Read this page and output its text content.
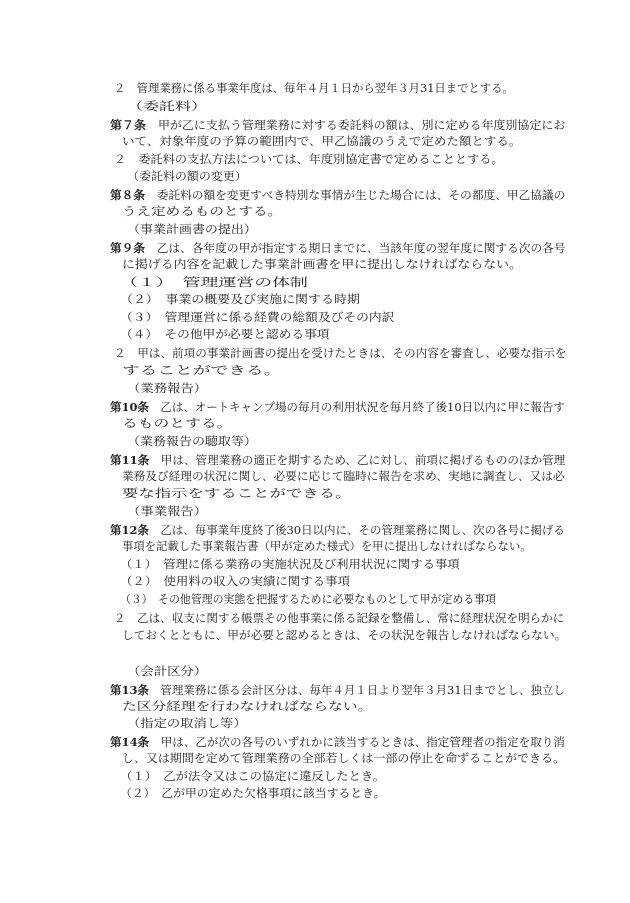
２　管理業務に係る事業年度は、毎年４月１日から翌年３月31日までとする。
（委託料）
第７条　甲が乙に支払う管理業務に対する委託料の額は、別に定める年度別協定にお
いて、対象年度の予算の範囲内で、甲乙協議のうえで定めた額とする。
２　委託料の支払方法については、年度別協定書で定めることとする。
（委託料の額の変更）
第８条　委託料の額を変更すべき特別な事情が生じた場合には、その都度、甲乙協議の
うえ定めるものとする。
（事業計画書の提出）
第９条　乙は、各年度の甲が指定する期日までに、当該年度の翌年度に関する次の各号
に掲げる内容を記載した事業計画書を甲に提出しなければならない。
（１）　管理運営の体制
（２）　事業の概要及び実施に関する時期
（３）　管理運営に係る経費の総額及びその内訳
（４）　その他甲が必要と認める事項
２　甲は、前項の事業計画書の提出を受けたときは、その内容を審査し、必要な指示を
することができる。
（業務報告）
第10条　乙は、オートキャンプ場の毎月の利用状況を毎月終了後10日以内に甲に報告す
るものとする。
（業務報告の聴取等）
第11条　甲は、管理業務の適正を期するため、乙に対し、前項に掲げるもののほか管理
業務及び経理の状況に関し、必要に応じて臨時に報告を求め、実地に調査し、又は必
要な指示をすることができる。
（事業報告）
第12条　乙は、毎事業年度終了後30日以内に、その管理業務に関し、次の各号に掲げる
事項を記載した事業報告書（甲が定めた様式）を甲に提出しなければならない。
（１）　管理に係る業務の実施状況及び利用状況に関する事項
（２）　使用料の収入の実績に関する事項
（３）　その他管理の実態を把握するために必要なものとして甲が定める事項
２　乙は、収支に関する帳票その他事業に係る記録を整備し、常に経理状況を明らかに
しておくとともに、甲が必要と認めるときは、その状況を報告しなければならない。
（会計区分）
第13条　管理業務に係る会計区分は、毎年４月１日より翌年３月31日までとし、独立し
た区分経理を行わなければならない。
（指定の取消し等）
第14条　甲は、乙が次の各号のいずれかに該当するときは、指定管理者の指定を取り消
し、又は期間を定めて管理業務の全部若しくは一部の停止を命ずることができる。
（１）　乙が法令又はこの協定に違反したとき。
（２）　乙が甲の定めた欠格事項に該当するとき。
